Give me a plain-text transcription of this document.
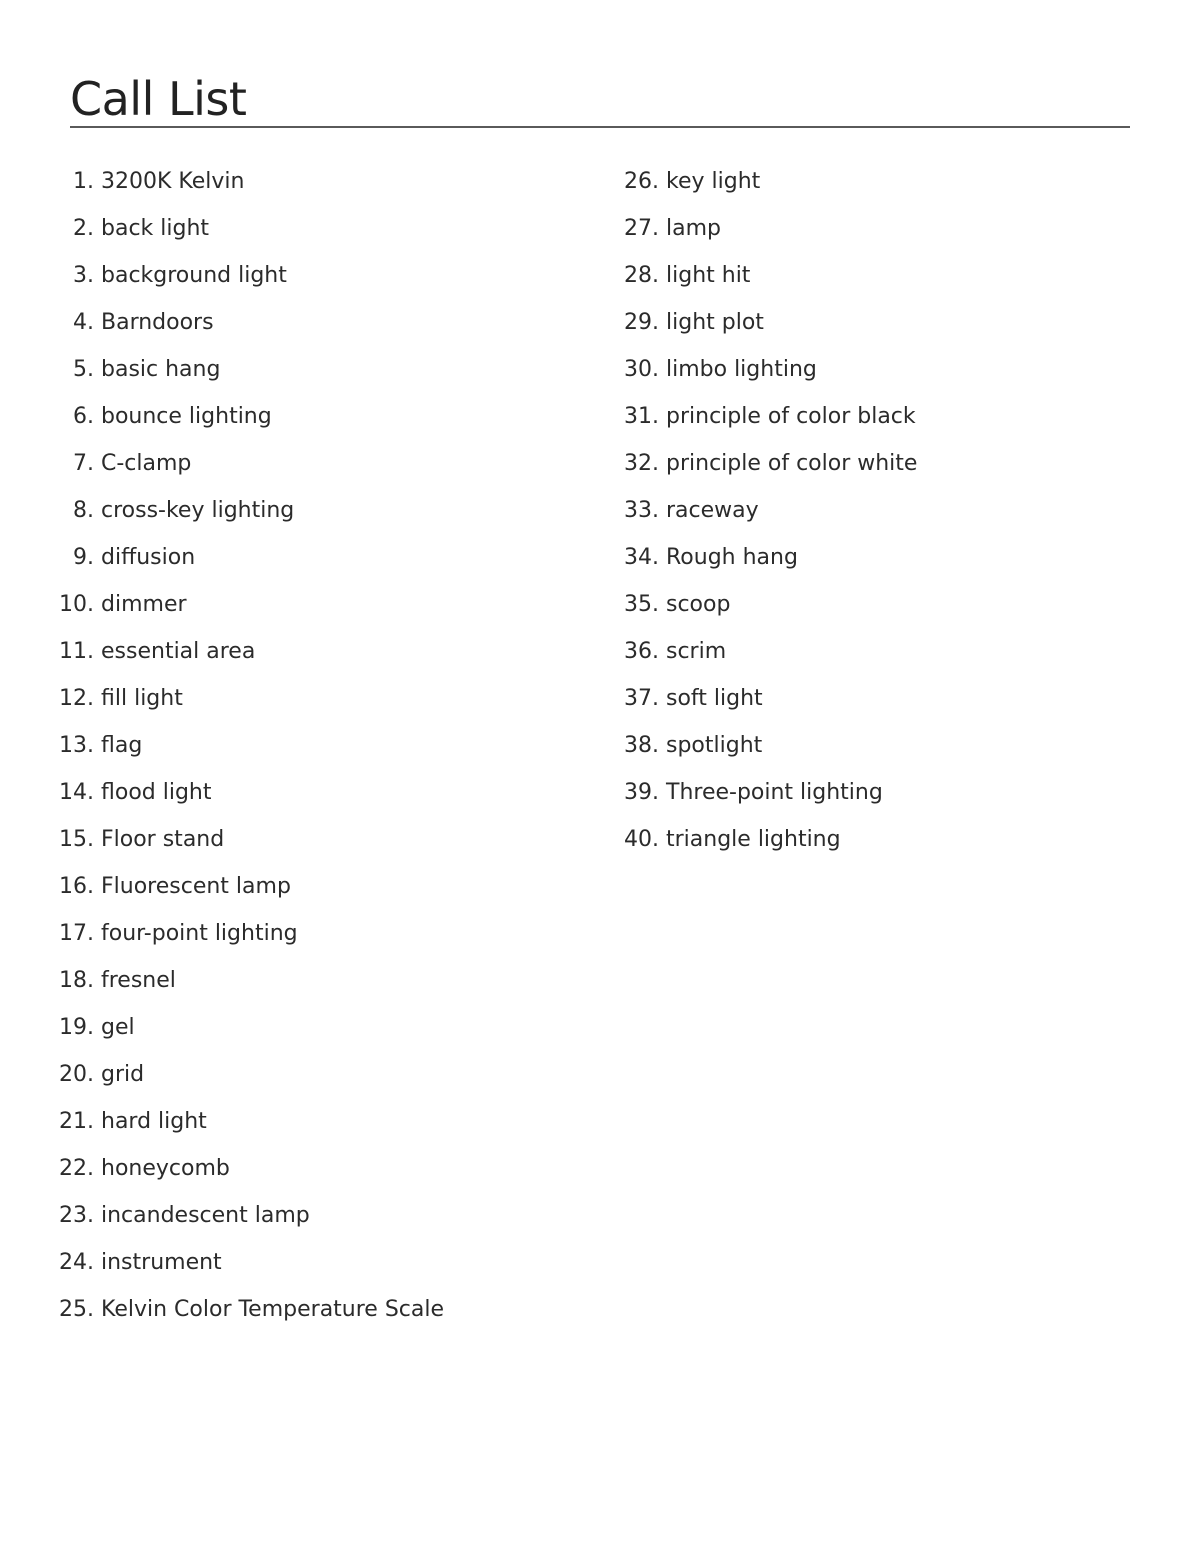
Call List
1.
3200K Kelvin
2.
back light
3.
background light
4.
Barndoors
5.
basic hang
6.
bounce lighting
7.
C-clamp
8.
cross-key lighting
9.
diffusion
10.
dimmer
11.
essential area
12.
fill light
13.
flag
14.
flood light
15.
Floor stand
16.
Fluorescent lamp
17.
four-point lighting
18.
fresnel
19.
gel
20.
grid
21.
hard light
22.
honeycomb
23.
incandescent lamp
24.
instrument
25.
Kelvin Color Temperature Scale
26.
key light
27.
lamp
28.
light hit
29.
light plot
30.
limbo lighting
31.
principle of color black
32.
principle of color white
33.
raceway
34.
Rough hang
35.
scoop
36.
scrim
37.
soft light
38.
spotlight
39.
Three-point lighting
40.
triangle lighting
